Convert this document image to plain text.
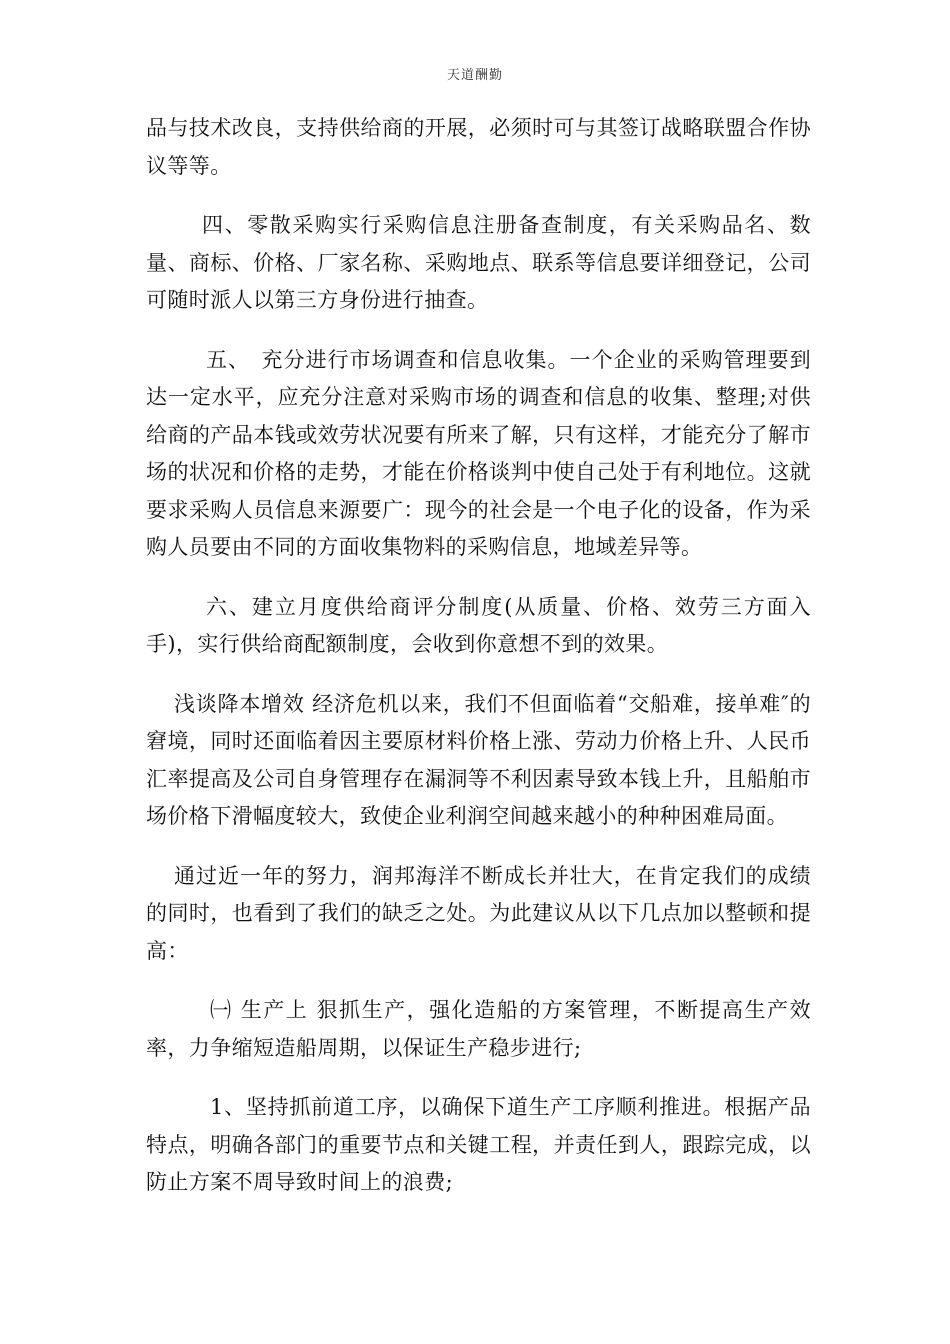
天道酬勤

品与技术改良，支持供给商的开展，必须时可与其签订战略联盟合作协议等等。

四、零散采购实行采购信息注册备查制度，有关采购品名、数量、商标、价格、厂家名称、采购地点、联系等信息要详细登记，公司可随时派人以第三方身份进行抽查。

五、　充分进行市场调查和信息收集。一个企业的采购管理要到达一定水平，应充分注意对采购市场的调查和信息的收集、整理;对供给商的产品本钱或效劳状况要有所来了解，只有这样，才能充分了解市场的状况和价格的走势，才能在价格谈判中使自己处于有利地位。这就要求采购人员信息来源要广：现今的社会是一个电子化的设备，作为采购人员要由不同的方面收集物料的采购信息，地域差异等。

六、建立月度供给商评分制度(从质量、价格、效劳三方面入手)，实行供给商配额制度，会收到你意想不到的效果。

浅谈降本增效 经济危机以来，我们不但面临着“交船难，接单难″的窘境，同时还面临着因主要原材料价格上涨、劳动力价格上升、人民币汇率提高及公司自身管理存在漏洞等不利因素导致本钱上升，且船舶市场价格下滑幅度较大，致使企业利润空间越来越小的种种困难局面。

通过近一年的努力，润邦海洋不断成长并壮大，在肯定我们的成绩的同时，也看到了我们的缺乏之处。为此建议从以下几点加以整顿和提高：

㈠ 生产上 狠抓生产，强化造船的方案管理，不断提高生产效率，力争缩短造船周期，以保证生产稳步进行;

1、坚持抓前道工序，以确保下道生产工序顺利推进。根据产品特点，明确各部门的重要节点和关键工程，并责任到人，跟踪完成，以防止方案不周导致时间上的浪费;
